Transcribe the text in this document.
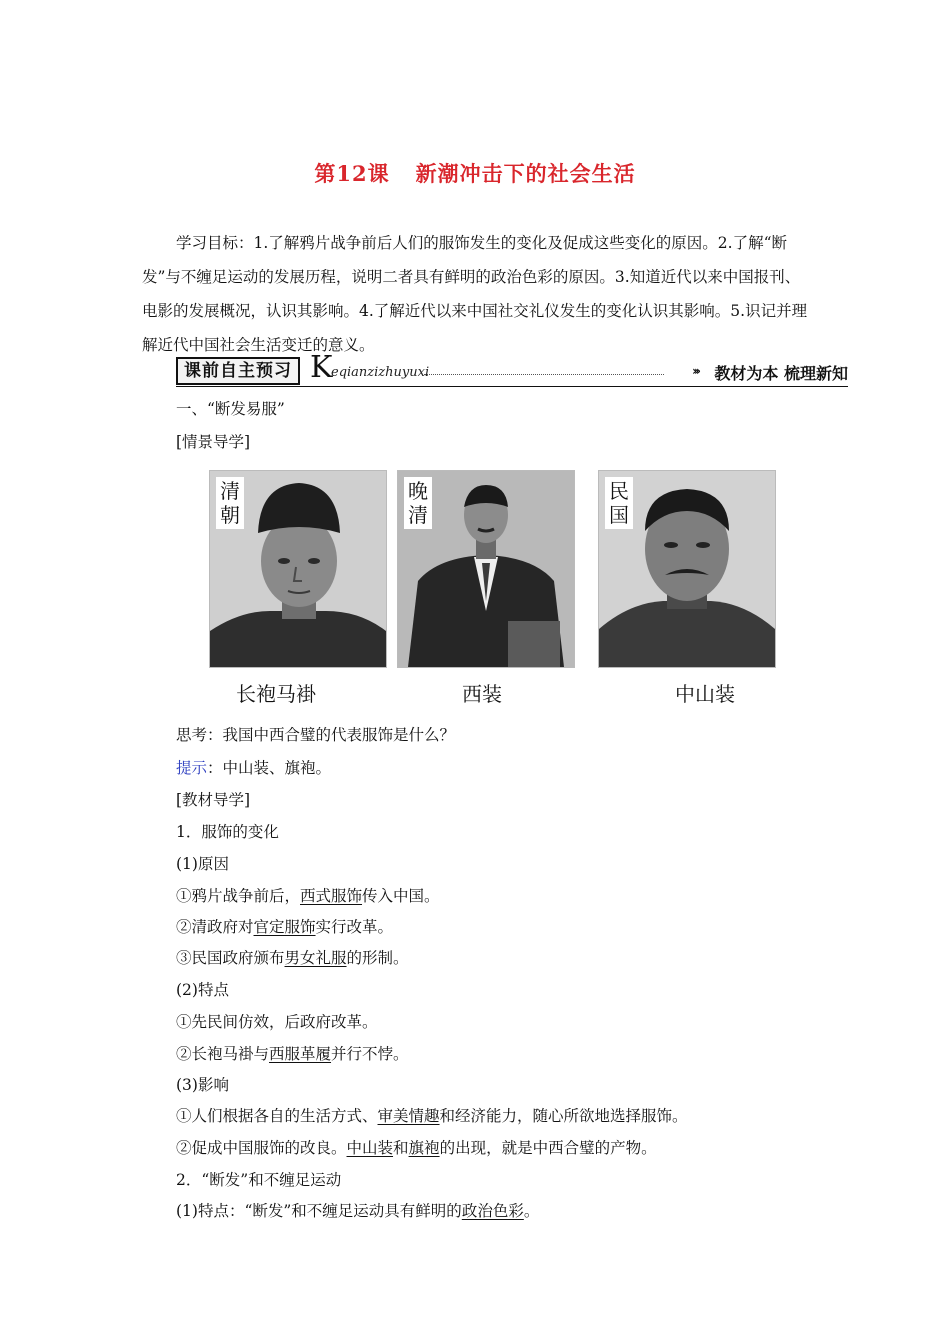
第12课 新潮冲击下的社会生活
学习目标：1.了解鸦片战争前后人们的服饰发生的变化及促成这些变化的原因。2.了解“断发”与不缠足运动的发展历程，说明二者具有鲜明的政治色彩的原因。3.知道近代以来中国报刊、电影的发展概况，认识其影响。4.了解近代以来中国社交礼仪发生的变化认识其影响。5.识记并理解近代中国社会生活变迁的意义。
课前自主预习 K
eqianzizhuyuxi	››› 教材为本 梳理新知
一、“断发易服”
[情景导学]
清朝
晚清
民国
长袍马褂	西装	中山装
思考：我国中西合璧的代表服饰是什么？
提示：中山装、旗袍。
[教材导学]
1．服饰的变化
(1)原因
①鸦片战争前后，西式服饰传入中国。
②清政府对官定服饰实行改革。
③民国政府颁布男女礼服的形制。
(2)特点
①先民间仿效，后政府改革。
②长袍马褂与西服革履并行不悖。
(3)影响
①人们根据各自的生活方式、审美情趣和经济能力，随心所欲地选择服饰。
②促成中国服饰的改良。中山装和旗袍的出现，就是中西合璧的产物。
2．“断发”和不缠足运动
(1)特点：“断发”和不缠足运动具有鲜明的政治色彩。
